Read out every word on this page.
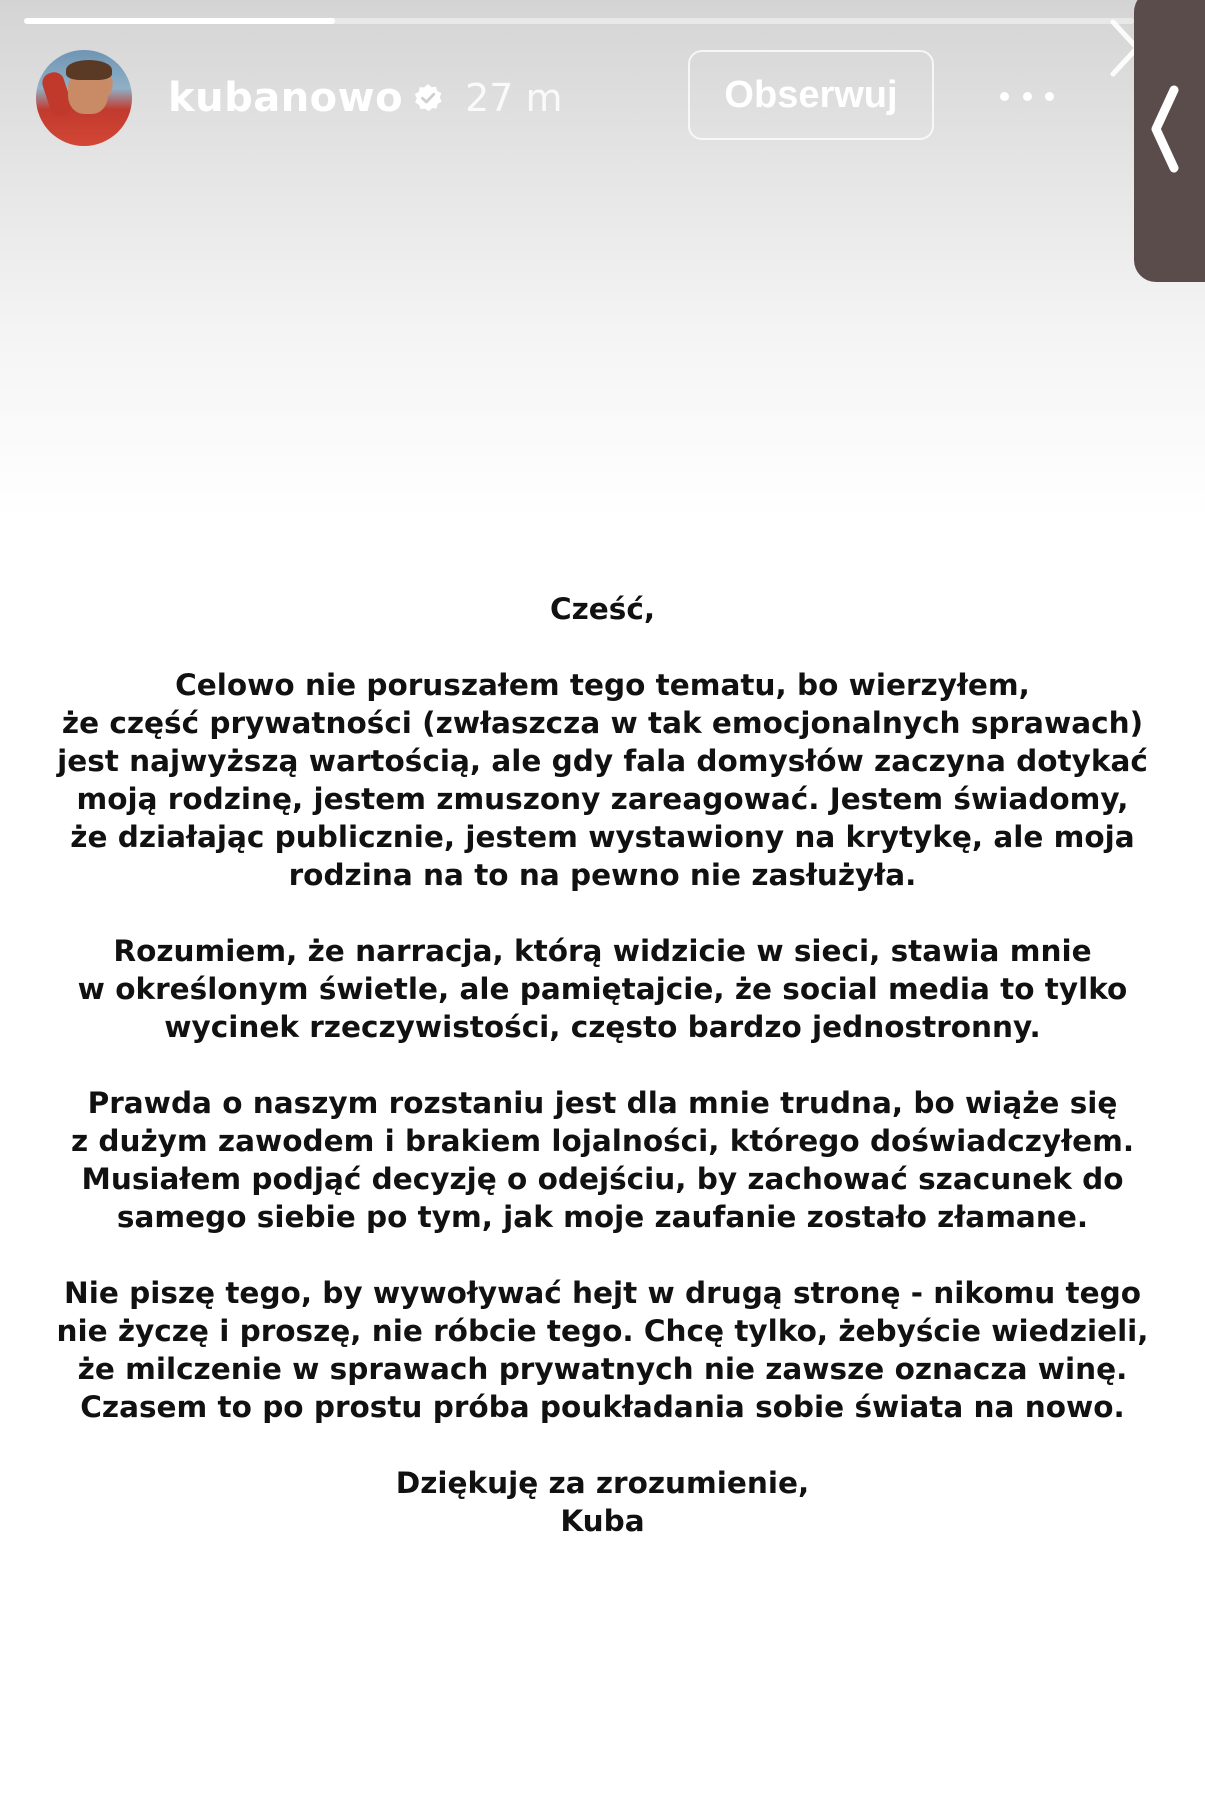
kubanowo 27 m	Obserwuj

Cześć,

Celowo nie poruszałem tego tematu, bo wierzyłem,
że część prywatności (zwłaszcza w tak emocjonalnych sprawach)
jest najwyższą wartością, ale gdy fala domysłów zaczyna dotykać
moją rodzinę, jestem zmuszony zareagować. Jestem świadomy,
że działając publicznie, jestem wystawiony na krytykę, ale moja
rodzina na to na pewno nie zasłużyła.

Rozumiem, że narracja, którą widzicie w sieci, stawia mnie
w określonym świetle, ale pamiętajcie, że social media to tylko
wycinek rzeczywistości, często bardzo jednostronny.

Prawda o naszym rozstaniu jest dla mnie trudna, bo wiąże się
z dużym zawodem i brakiem lojalności, którego doświadczyłem.
Musiałem podjąć decyzję o odejściu, by zachować szacunek do
samego siebie po tym, jak moje zaufanie zostało złamane.

Nie piszę tego, by wywoływać hejt w drugą stronę - nikomu tego
nie życzę i proszę, nie róbcie tego. Chcę tylko, żebyście wiedzieli,
że milczenie w sprawach prywatnych nie zawsze oznacza winę.
Czasem to po prostu próba poukładania sobie świata na nowo.

Dziękuję za zrozumienie,
Kuba
